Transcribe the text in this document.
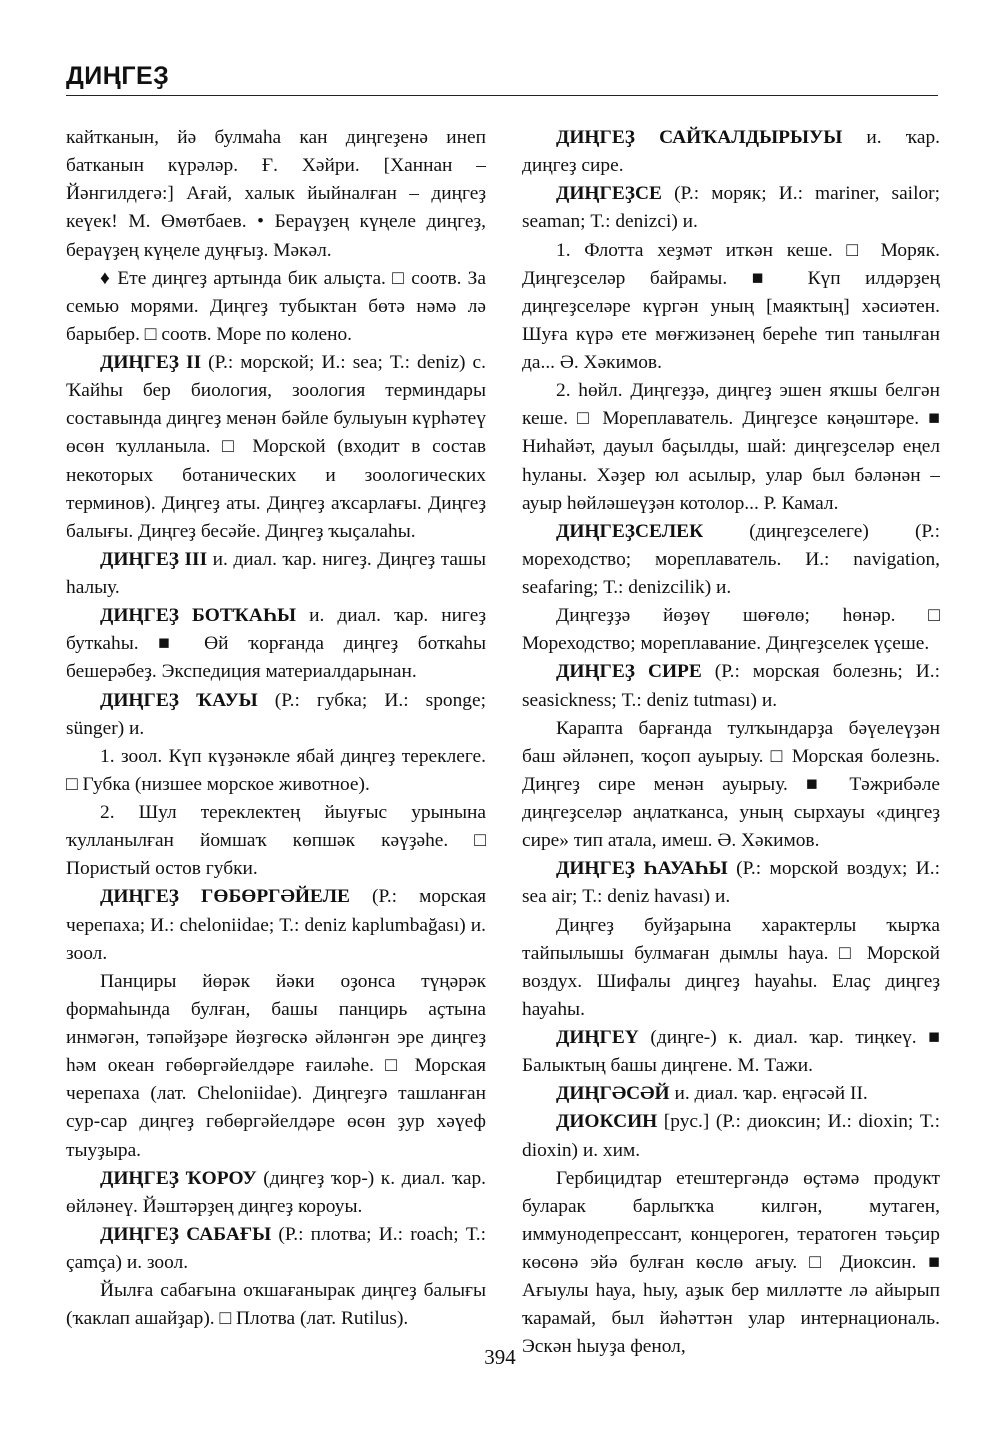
ДИҢГЕҘ

кайтканын, йә булмаһа кан диңгеҙенә инеп батканын күрәләр. Ғ. Хәйри. [Ханнан – Йәнгилдегә:] Ағай, халык йыйналған – диңгеҙ кеүек! М. Өмөтбаев. • Бераүҙең күңеле диңгеҙ, бераүҙең күңеле дуңғыҙ. Мәкәл.

♦ Ете диңгеҙ артында бик алыҫта. □ соотв. За семью морями. Диңгеҙ тубыктан бөтә нәмә лә барыбер. □ соотв. Море по колено.

ДИҢГЕҘ II (Р.: морской; И.: sea; Т.: deniz) с. Ҡайһы бер биология, зоология терминдары составында диңгеҙ менән бәйле булыуын күрһәтеү өсөн ҡулланыла. □ Морской (входит в состав некоторых ботанических и зоологических терминов). Диңгеҙ аты. Диңгеҙ аҡсарлағы. Диңгеҙ балығы. Диңгеҙ бесәйе. Диңгеҙ ҡыҫалаһы.

ДИҢГЕҘ III и. диал. ҡар. нигеҙ. Диңгеҙ ташы һалыу.

ДИҢГЕҘ БОТҠАҺЫ и. диал. ҡар. нигеҙ буткаһы. ■ Өй ҡорғанда диңгеҙ боткаһы бешерәбеҙ. Экспедиция материалдарынан.

ДИҢГЕҘ ҠАУЫ (Р.: губка; И.: sponge; sünger) и.

1. зоол. Күп күҙәнәкле ябай диңгеҙ тереклеге. □ Губка (низшее морское животное).

2. Шул тереклектең йыуғыс урынына ҡулланылған йомшаҡ көпшәк кәүҙәһе. □ Пористый остов губки.

ДИҢГЕҘ ГӨБӨРГӘЙЕЛЕ (Р.: морская черепаха; И.: cheloniidae; Т.: deniz kaplumbağası) и. зоол.

Панциры йөрәк йәки оҙонса түңәрәк формаһында булған, башы панцирь аҫтына инмәгән, тәпәйҙәре йөҙгөскә әйләнгән эре диңгеҙ һәм океан гөбөргәйелдәре ғаиләһе. □ Морская черепаха (лат. Cheloniidae). Диңгеҙгә ташланған сур-сар диңгеҙ гөбөргәйелдәре өсөн ҙур хәүеф тыуҙыра.

ДИҢГЕҘ ҠОРОУ (диңгеҙ ҡор-) к. диал. ҡар. өйләнеү. Йәштәрҙең диңгеҙ короуы.

ДИҢГЕҘ САБАҒЫ (Р.: плотва; И.: roach; Т.: çamça) и. зоол.

Йылға сабағына оҡшағанырак диңгеҙ балығы (ҡаклап ашайҙар). □ Плотва (лат. Rutilus).

ДИҢГЕҘ САЙҠАЛДЫРЫУЫ и. ҡар. диңгеҙ сире.

ДИҢГЕҘСЕ (Р.: моряк; И.: mariner, sailor; seaman; Т.: denizci) и.

1. Флотта хеҙмәт иткән кеше. □ Моряк. Диңгеҙселәр байрамы. ■ Күп илдәрҙең диңгеҙселәре күргән уның [маяктың] хәсиәтен. Шуға күрә ете мөғжизәнең береһе тип танылған да... Ә. Хәкимов.

2. һөйл. Диңгеҙҙә, диңгеҙ эшен яҡшы белгән кеше. □ Мореплаватель. Диңгеҙсе кәңәштәре. ■ Ниһайәт, дауыл баҫылды, шай: диңгеҙселәр еңел һуланы. Хәҙер юл асылыр, улар был бәләнән – ауыр һөйләшеүҙән котолор... Р. Камал.

ДИҢГЕҘСЕЛЕК (диңгеҙселеге) (Р.: мореходство; мореплаватель. И.: navigation, seafaring; Т.: denizcilik) и.

Диңгеҙҙә йөҙөү шөғөлө; һөнәр. □ Мореходство; мореплавание. Диңгеҙселек үҫеше.

ДИҢГЕҘ СИРЕ (Р.: морская болезнь; И.: seasickness; Т.: deniz tutması) и.

Карапта барғанда тулҡындарҙа бәүелеүҙән баш әйләнеп, ҡоҫоп ауырыу. □ Морская болезнь. Диңгеҙ сире менән ауырыу. ■ Тәжрибәле диңгеҙселәр аңлатканса, уның сырхауы «диңгеҙ сире» тип атала, имеш. Ә. Хәкимов.

ДИҢГЕҘ ҺАУАҺЫ (Р.: морской воздух; И.: sea air; Т.: deniz havası) и.

Диңгеҙ буйҙарына характерлы ҡырҡа тайпылышы булмаған дымлы һауа. □ Морской воздух. Шифалы диңгеҙ һауаһы. Елаҫ диңгеҙ һауаһы.

ДИҢГЕҮ (диңге-) к. диал. ҡар. тиңкеү. ■ Балыктың башы диңгене. М. Тажи.

ДИҢГӘСӘЙ и. диал. ҡар. еңгәсәй II.

ДИОКСИН [рус.] (Р.: диоксин; И.: dioxin; Т.: dioxin) и. хим.

Гербицидтар етештергәндә өҫтәмә продукт буларак барлыҡҡа килгән, мутаген, иммунодепрессант, концероген, тератоген тәьҫир көсөнә эйә булған көслө ағыу. □ Диоксин. ■ Ағыулы һауа, һыу, аҙык бер милләтте лә айырып ҡарамай, был йәһәттән улар интернациональ. Эскән һыуҙа фенол,

394
